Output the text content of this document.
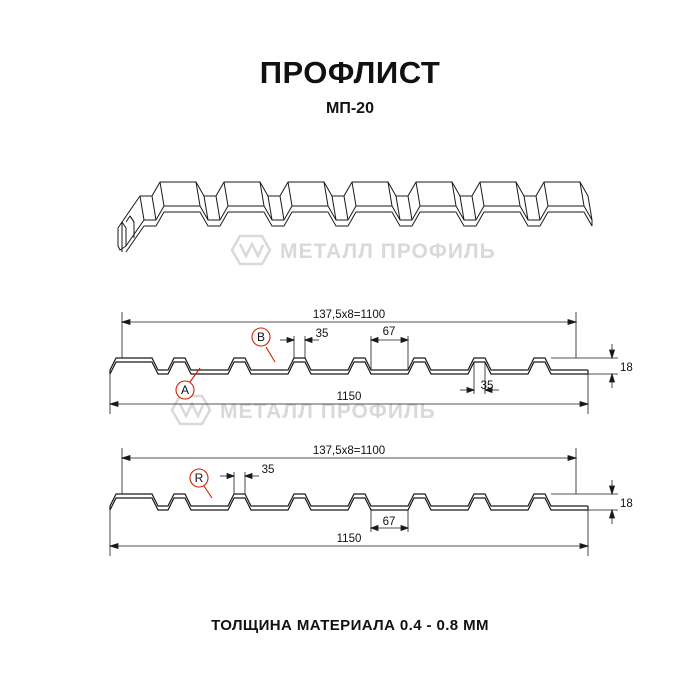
ПРОФЛИСТ
МП-20
МЕТАЛЛ ПРОФИЛЬ
МЕТАЛЛ ПРОФИЛЬ
1150
137,5х8=1100
18
35	67
35
A
B
1150
137,5х8=1100
18
35
67
R
ТОЛЩИНА МАТЕРИАЛА 0.4 - 0.8 ММ
